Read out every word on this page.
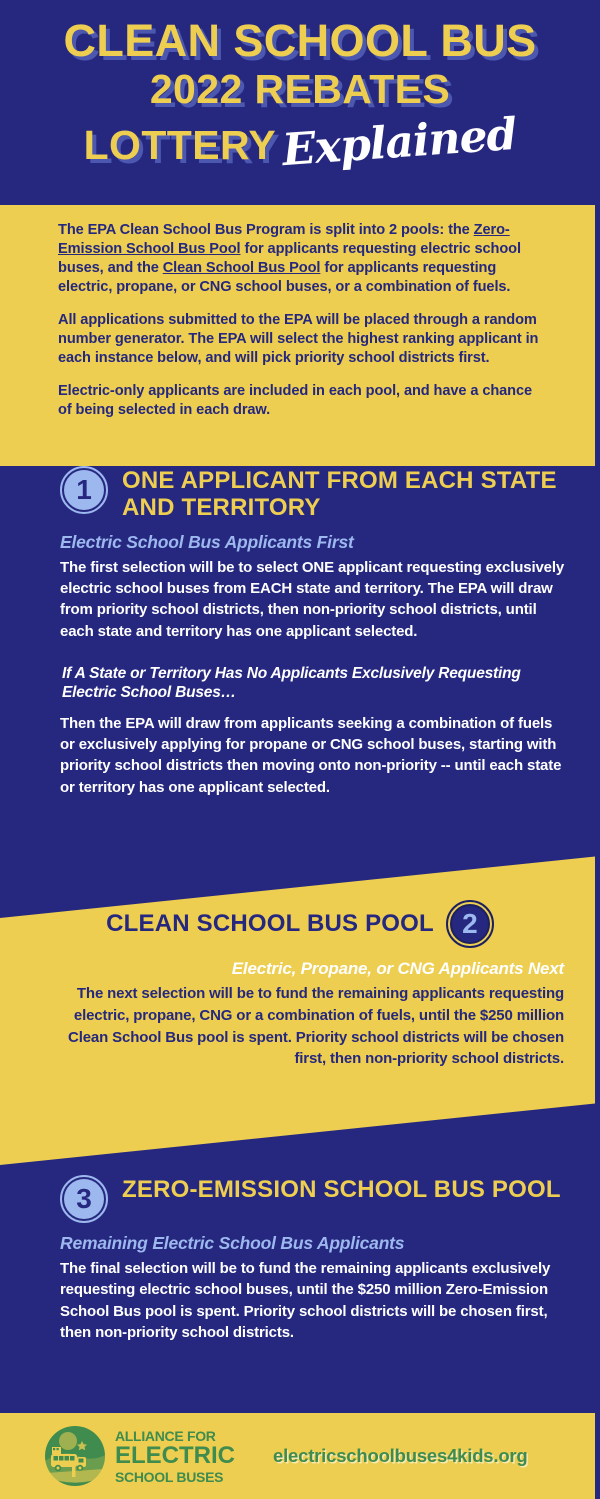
CLEAN SCHOOL BUS
2022 REBATES
LOTTERY Explained

The EPA Clean School Bus Program is split into 2 pools: the Zero-Emission School Bus Pool for applicants requesting electric school buses, and the Clean School Bus Pool for applicants requesting electric, propane, or CNG school buses, or a combination of fuels.

All applications submitted to the EPA will be placed through a random number generator. The EPA will select the highest ranking applicant in each instance below, and will pick priority school districts first.

Electric-only applicants are included in each pool, and have a chance of being selected in each draw.

1 ONE APPLICANT FROM EACH STATE AND TERRITORY
Electric School Bus Applicants First
The first selection will be to select ONE applicant requesting exclusively electric school buses from EACH state and territory. The EPA will draw from priority school districts, then non-priority school districts, until each state and territory has one applicant selected.
If A State or Territory Has No Applicants Exclusively Requesting Electric School Buses…
Then the EPA will draw from applicants seeking a combination of fuels or exclusively applying for propane or CNG school buses, starting with priority school districts then moving onto non-priority -- until each state or territory has one applicant selected.
CLEAN SCHOOL BUS POOL 2
Electric, Propane, or CNG Applicants Next
The next selection will be to fund the remaining applicants requesting electric, propane, CNG or a combination of fuels, until the $250 million Clean School Bus pool is spent. Priority school districts will be chosen first, then non-priority school districts.
3 ZERO-EMISSION SCHOOL BUS POOL
Remaining Electric School Bus Applicants
The final selection will be to fund the remaining applicants exclusively requesting electric school buses, until the $250 million Zero-Emission School Bus pool is spent. Priority school districts will be chosen first, then non-priority school districts.
ALLIANCE FOR
ELECTRIC
SCHOOL BUSES
electricschoolbuses4kids.org
